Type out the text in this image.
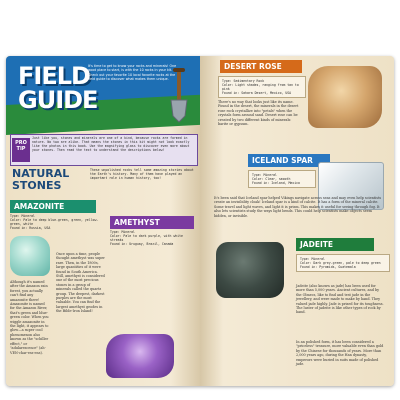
FIELD GUIDE
It's time to get to know your rocks and minerals! One good place to start, is with the 10 rocks in your kit. Check out your favorite 10 local favorite rocks at the field guide to discover what makes them unique.
PRO TIP
Just like you, stones and minerals are one of a kind, because rocks are formed in nature. No two are alike. That means the stones in this kit might not look exactly like the photos in this book. Use the magnifying glass to discover even more about your stones. Then read the text to understand the descriptions below!
NATURAL STONES
These unpolished rocks tell some amazing stories about the Earth's history. Many of them have played an important role in human history, too!
AMAZONITE
Type: Mineral
Color: Pale to deep blue-green, green, yellow-green, white
Found in: Russia, USA
Although it's named after the Amazon rain forest, you actually can't find any amazonite there! Amazonite is named for the Amazon River, that's green and blue-green color. When you wiggle amazonite in the light, it appears to glow—a super cool phenomenon also known as the "schiller effect," or "adularescence" (ah-VEN-char-ess-ens).
AMETHYST
Type: Mineral
Color: Pale to dark purple, with white streaks
Found in: Uruguay, Brazil, Canada
Once upon a time, people thought amethyst was super rare. Then, in the 1800s, large quantities of it were found in South America. Still, amethyst is considered one of the most precious stones in a group of minerals called the quartz group. The deepest, darkest purples are the most valuable. You can find the largest amethyst geodes in the Bible-Iron Island!
DESERT ROSE
Type: Sedimentary Rock
Color: Light shades, ranging from tan to pink
Found in: Sahara Desert, Mexico, USA
There's no way that looks just like its name. Found in the desert, the minerals in the desert rose rock crystallize into "petals" when the crystals form around sand. Desert rose can be created by two different kinds of minerals: barite or gypsum.
ICELAND SPAR
Type: Mineral
Color: Clear, smooth
Found in: Iceland, Mexico
It's been said that Iceland spar helped Vikings navigate across seas and may even help scientists create an invisibility cloak! Iceland spar is a kind of calcite. It has a form of the mineral calcite. Some travel and light waves, and light it is prism. This makes it useful for seeing through fog. It also lets scientists study the ways light bends. This could help scientists make objects seem hidden, or invisible.
JADEITE
Type: Mineral
Color: Dark grey-green, pale to deep green
Found in: Pyramids, Guatemala
Jadeite (also known as jade) has been used for more than 5,000 years. Ancient cultures, and by the Olmecs, like to find and test jade in the jewellery, and were made to make by hand. They valued jade highly. Jade is prized for its toughness. The luster of jadeite is like other types of rock by hand.
In an polished form, it has been considered a "priceless" treasure, more valuable even than gold by the Chinese for thousands of years. More than 2,000 years ago, during the Han dynasty, emperors were buried in suits made of polished jade.
